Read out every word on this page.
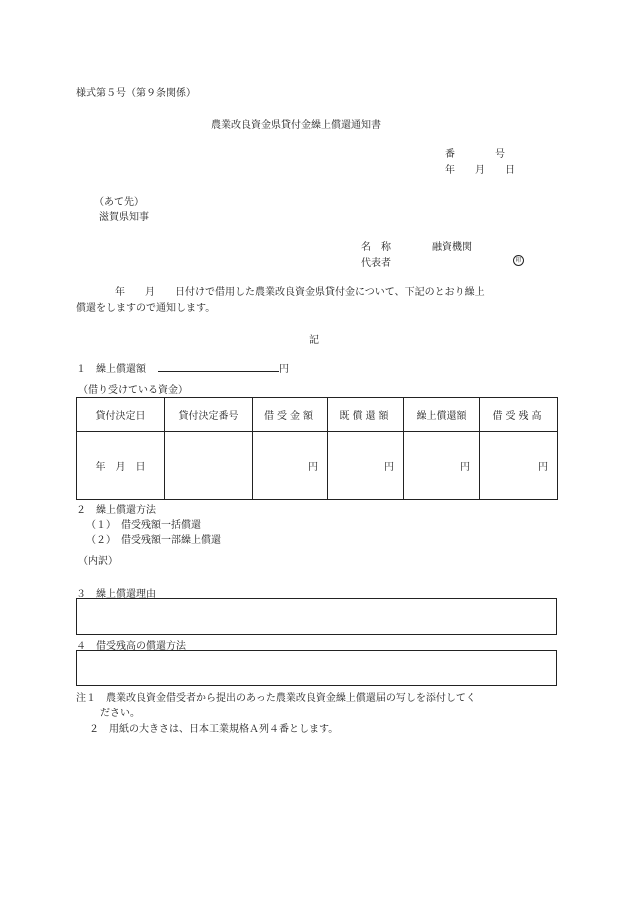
様式第５号（第９条関係）
農業改良資金県貸付金繰上償還通知書
番　　　　号
年　　月　　日
（あて先）
滋賀県知事
名　称	融資機関
代表者	印
年　　月　　日付けで借用した農業改良資金県貸付金について、下記のとおり繰上
償還をしますので通知します。
記
１　繰上償還額	円
（借り受けている資金）
貸付決定日	貸付決定番号	借受金額	既償還額	繰上償還額	借受残高
年　月　日		円	円	円	円
２　繰上償還方法
（１）　借受残額一括償還
（２）　借受残額一部繰上償還
（内訳）
３　繰上償還理由
４　借受残高の償還方法
注１　農業改良資金借受者から提出のあった農業改良資金繰上償還届の写しを添付してく
ださい。
２　用紙の大きさは、日本工業規格Ａ列４番とします。
